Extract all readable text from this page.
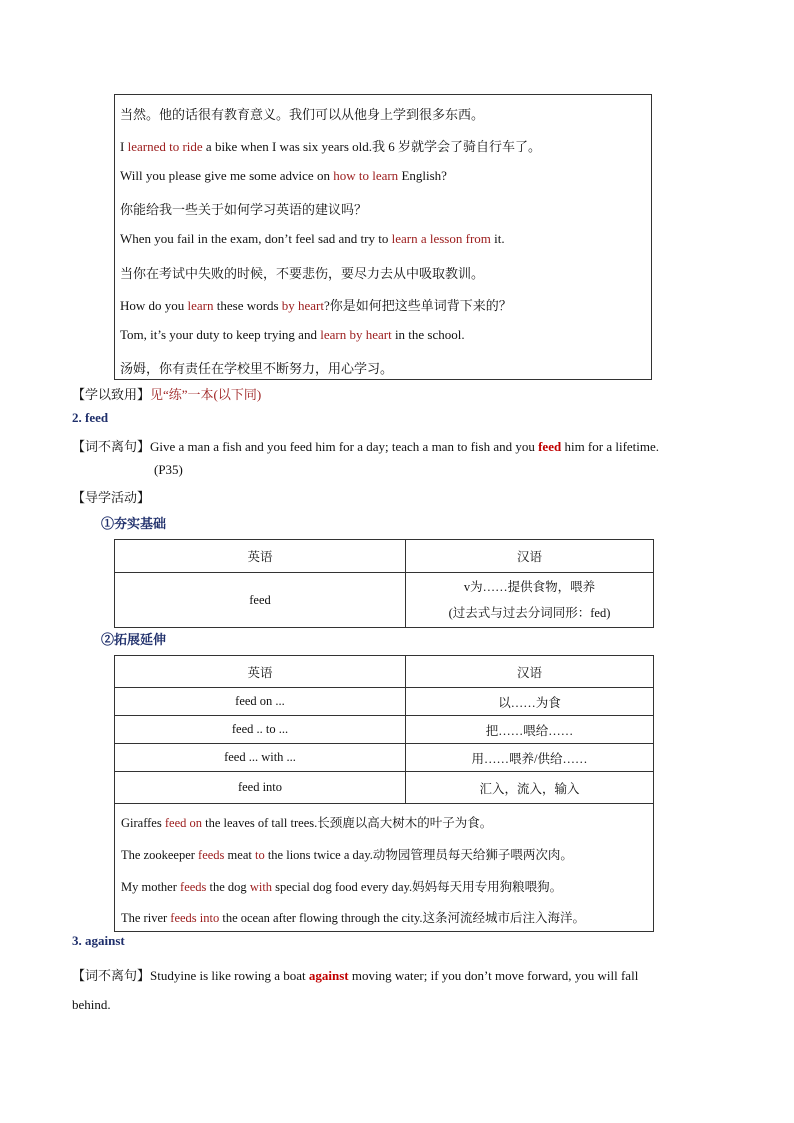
当然。他的话很有教育意义。我们可以从他身上学到很多东西。
I learned to ride a bike when I was six years old.我 6 岁就学会了骑自行车了。
Will you please give me some advice on how to learn English?
你能给我一些关于如何学习英语的建议吗？
When you fail in the exam, don’t feel sad and try to learn a lesson from it.
当你在考试中失败的时候，不要悲伤，要尽力去从中吸取教训。
How do you learn these words by heart?你是如何把这些单词背下来的？
Tom, it’s your duty to keep trying and learn by heart in the school.
汤姆，你有责任在学校里不断努力，用心学习。
【学以致用】见“练”一本(以下同)
2. feed
【词不离句】Give a man a fish and you feed him for a day; teach a man to fish and you feed him for a lifetime.
(P35)
【导学活动】
①夯实基础
英语	汉语
feed	v为……提供食物，喂养
(过去式与过去分词同形：fed)
②拓展延伸
英语	汉语
feed on ...	以……为食
feed .. to ...	把……喂给……
feed ... with ...	用……喂养/供给……
feed into	汇入，流入，输入

Giraffes feed on the leaves of tall trees.长颈鹿以高大树木的叶子为食。
The zookeeper feeds meat to the lions twice a day.动物园管理员每天给狮子喂两次肉。
My mother feeds the dog with special dog food every day.妈妈每天用专用狗粮喂狗。
The river feeds into the ocean after flowing through the city.这条河流经城市后注入海洋。
3. against
【词不离句】Studyine is like rowing a boat against moving water; if you don’t move forward, you will fall
behind.
